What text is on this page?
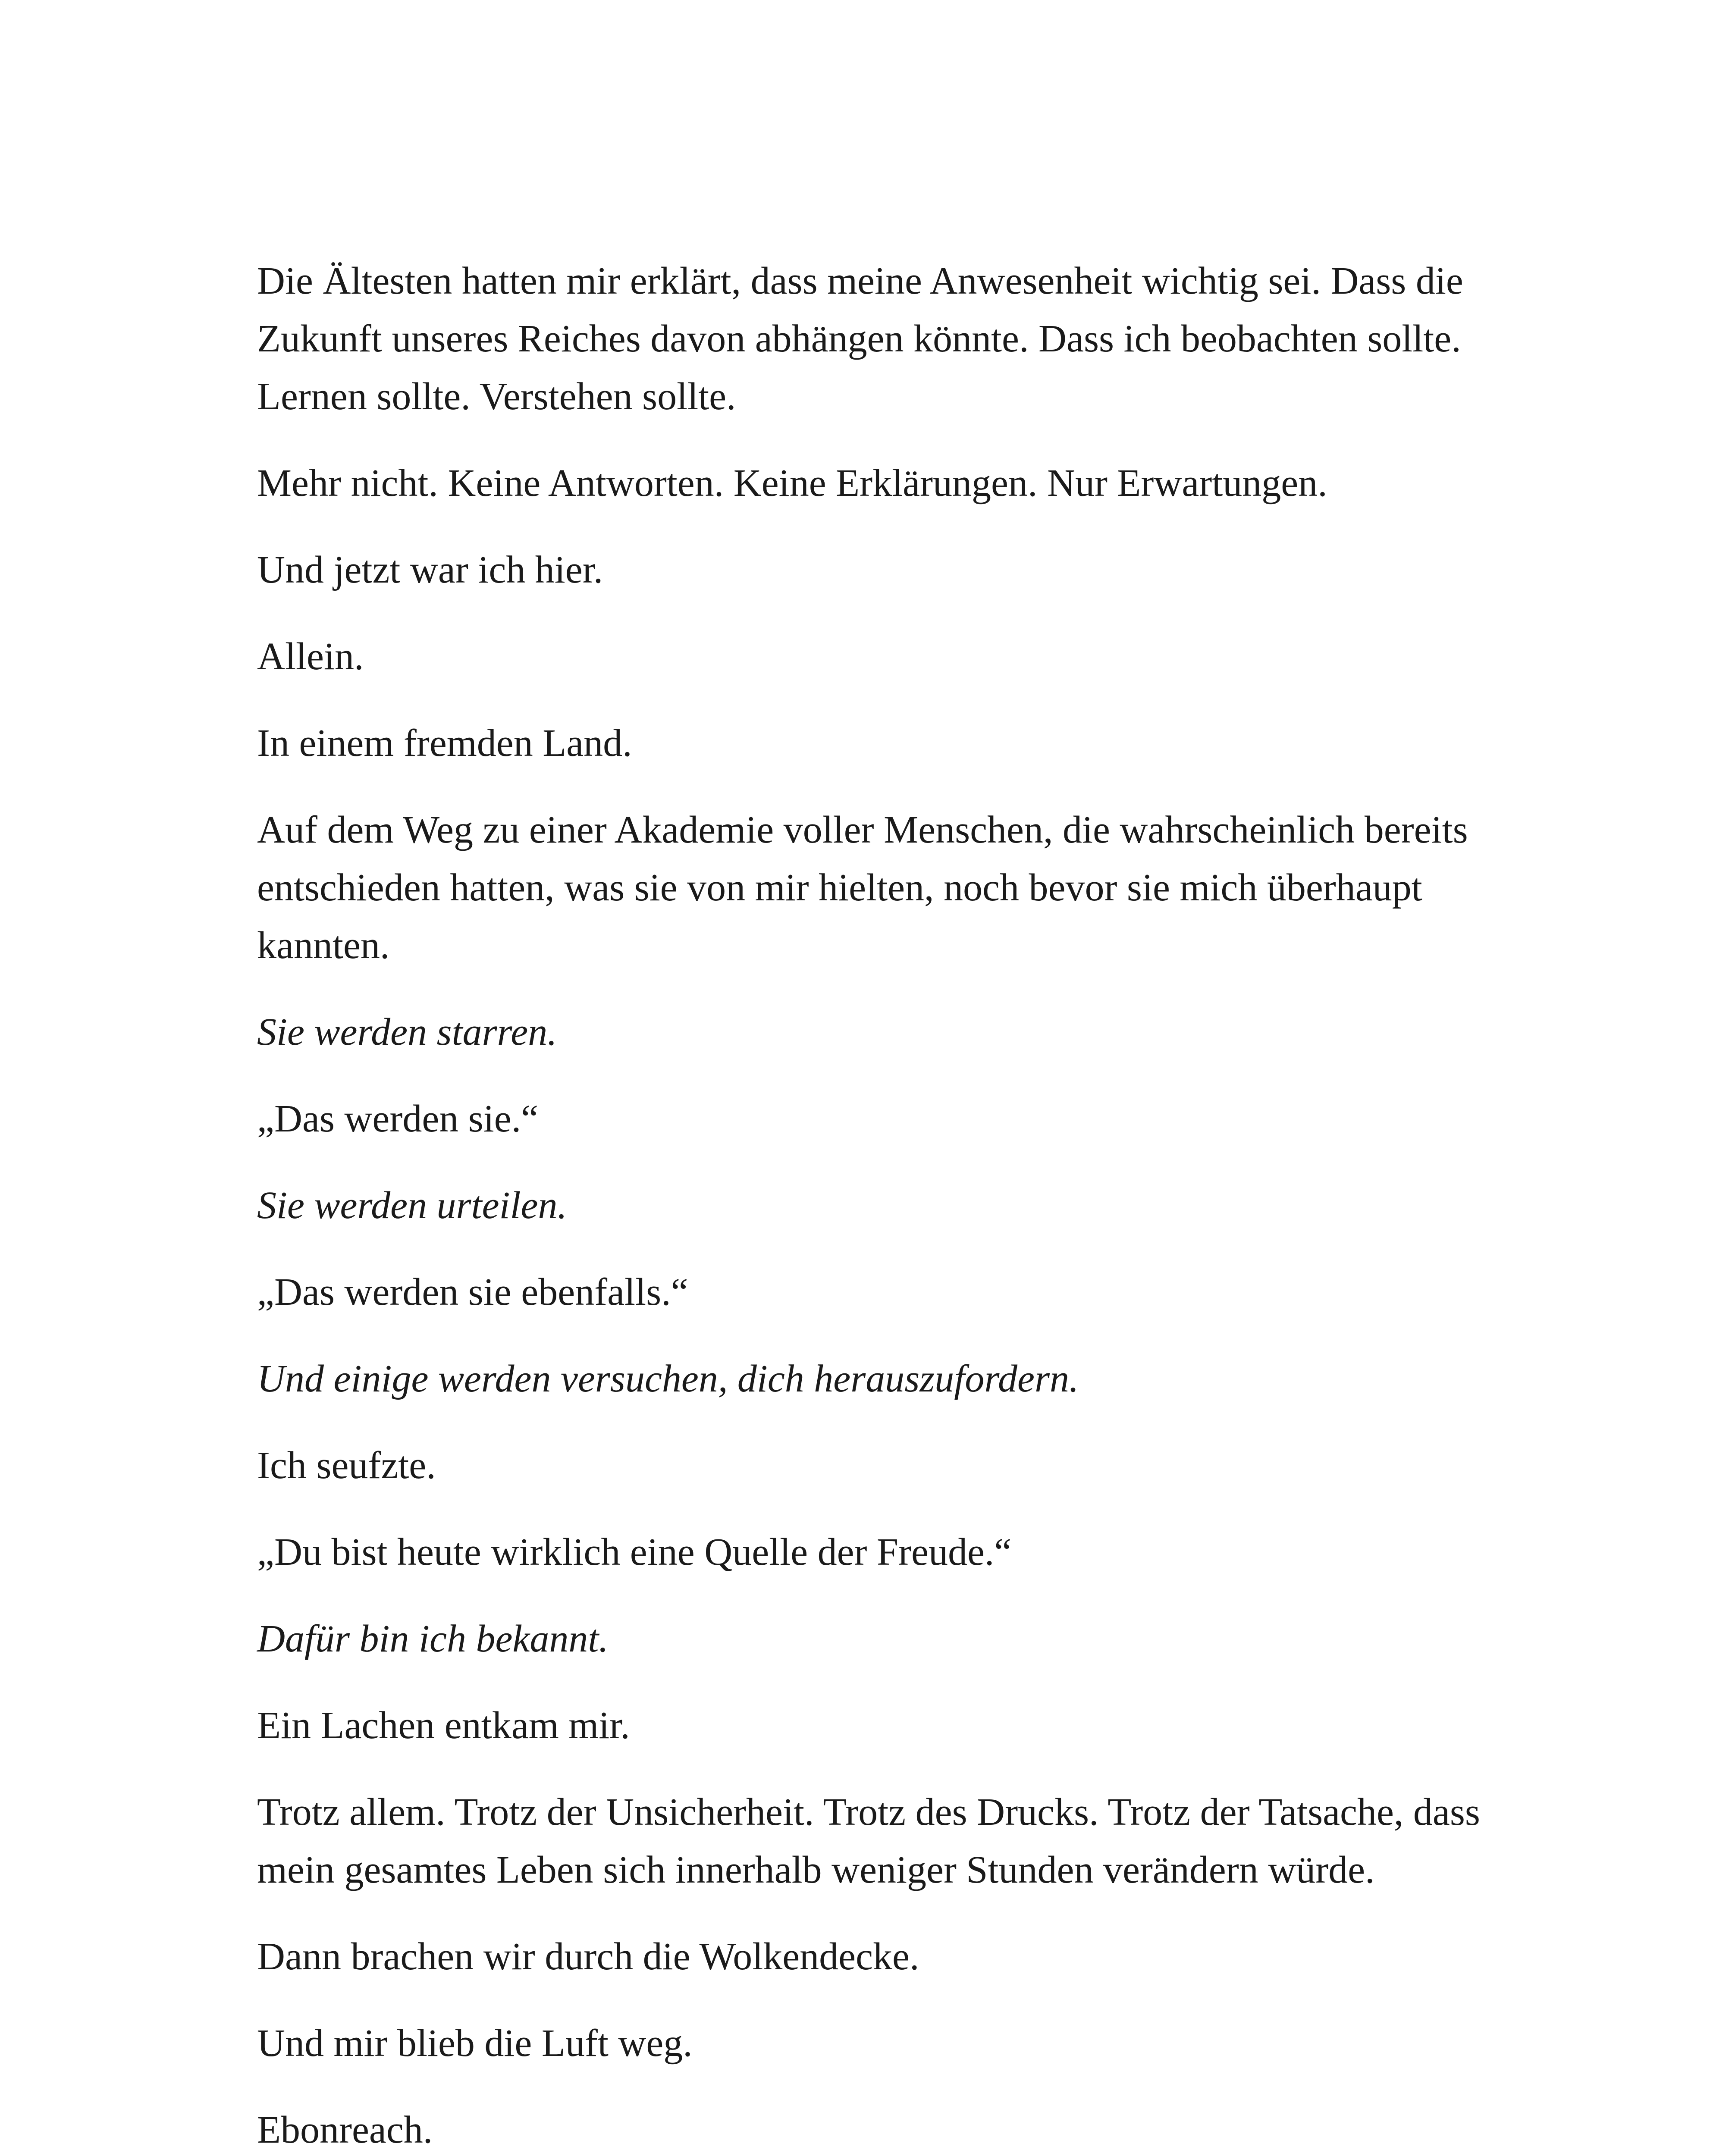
Die Ältesten hatten mir erklärt, dass meine Anwesenheit wichtig sei. Dass die Zukunft unseres Reiches davon abhängen könnte. Dass ich beobachten sollte. Lernen sollte. Verstehen sollte.

Mehr nicht. Keine Antworten. Keine Erklärungen. Nur Erwartungen.

Und jetzt war ich hier.

Allein.

In einem fremden Land.

Auf dem Weg zu einer Akademie voller Menschen, die wahrscheinlich bereits entschieden hatten, was sie von mir hielten, noch bevor sie mich überhaupt kannten.

Sie werden starren.

„Das werden sie.“

Sie werden urteilen.

„Das werden sie ebenfalls.“

Und einige werden versuchen, dich herauszufordern.

Ich seufzte.

„Du bist heute wirklich eine Quelle der Freude.“

Dafür bin ich bekannt.

Ein Lachen entkam mir.

Trotz allem. Trotz der Unsicherheit. Trotz des Drucks. Trotz der Tatsache, dass mein gesamtes Leben sich innerhalb weniger Stunden verändern würde.

Dann brachen wir durch die Wolkendecke.

Und mir blieb die Luft weg.

Ebonreach.
